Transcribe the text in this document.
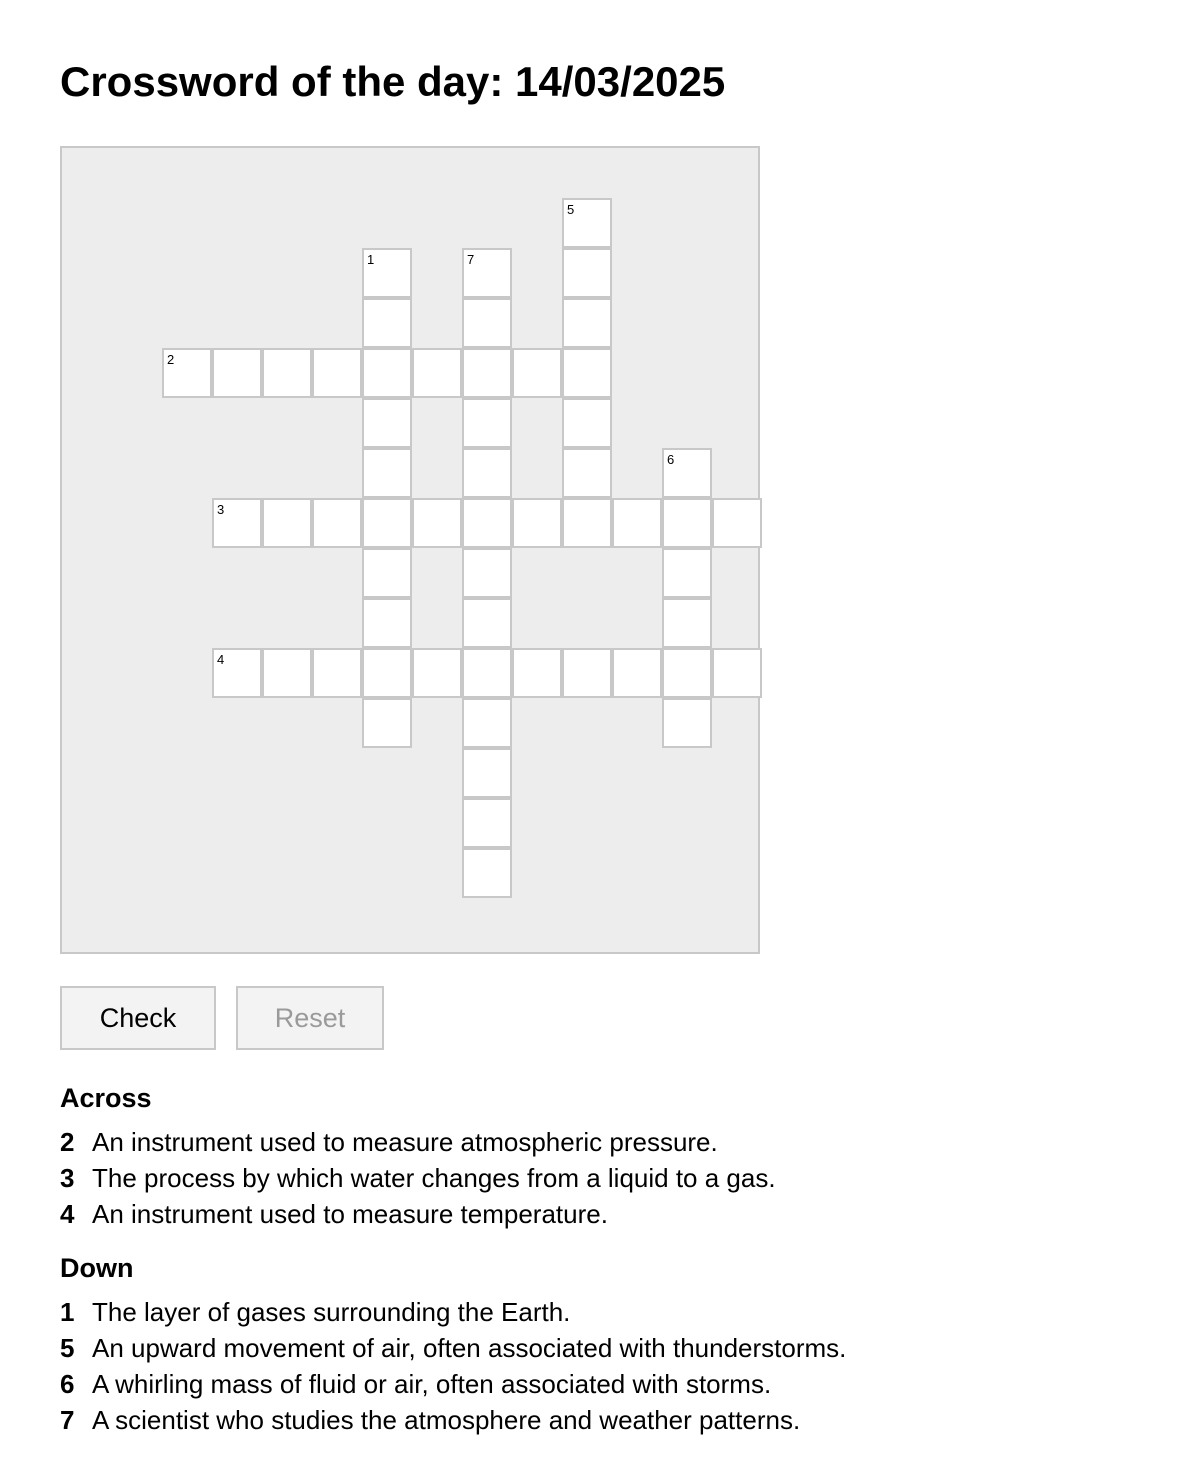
Crossword of the day: 14/03/2025
2
3
4
1
5
6
7
Check	Reset
Across
2 An instrument used to measure atmospheric pressure.
3 The process by which water changes from a liquid to a gas.
4 An instrument used to measure temperature.
Down
1 The layer of gases surrounding the Earth.
5 An upward movement of air, often associated with thunderstorms.
6 A whirling mass of fluid or air, often associated with storms.
7 A scientist who studies the atmosphere and weather patterns.
